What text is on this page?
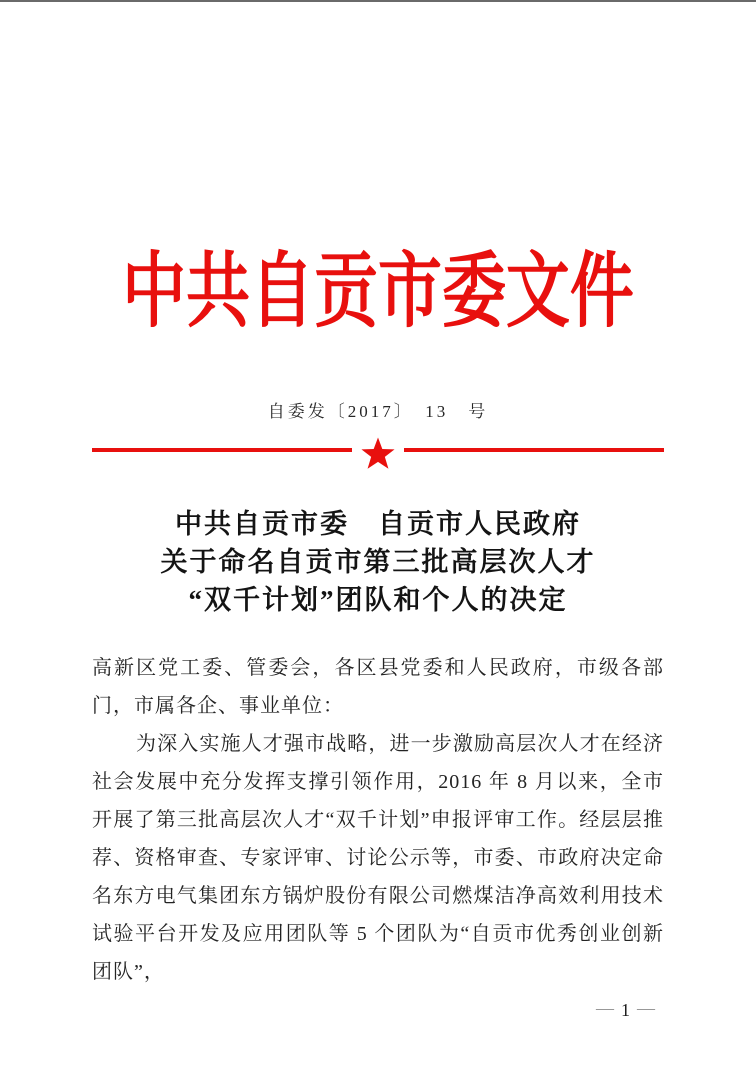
中共自贡市委文件
自委发〔2017〕　13　号
中共自贡市委　自贡市人民政府
关于命名自贡市第三批高层次人才
“双千计划”团队和个人的决定

高新区党工委、管委会，各区县党委和人民政府，市级各部门，市属各企、事业单位：

为深入实施人才强市战略，进一步激励高层次人才在经济社会发展中充分发挥支撑引领作用，2016 年 8 月以来，全市开展了第三批高层次人才“双千计划”申报评审工作。经层层推荐、资格审查、专家评审、讨论公示等，市委、市政府决定命名东方电气集团东方锅炉股份有限公司燃煤洁净高效利用技术试验平台开发及应用团队等 5 个团队为“自贡市优秀创业创新团队”，

— 1 —
